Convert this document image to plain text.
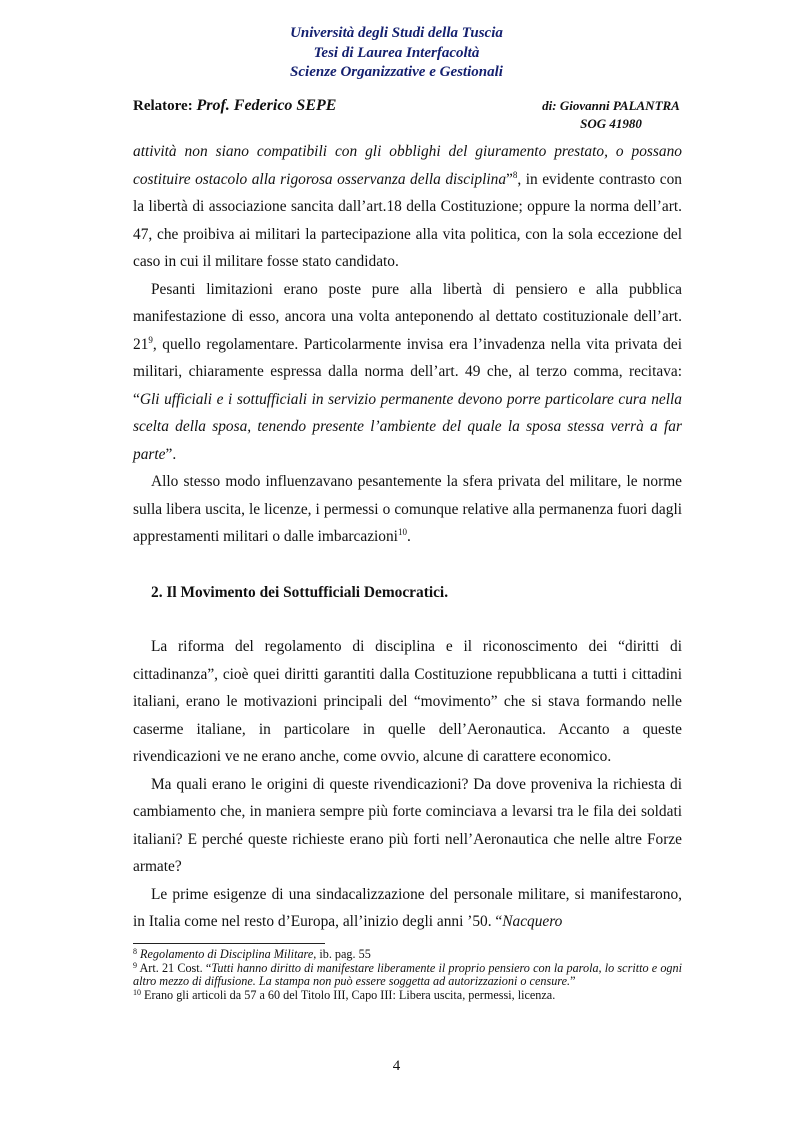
Università degli Studi della Tuscia
Tesi di Laurea Interfacoltà
Scienze Organizzative e Gestionali
Relatore: Prof. Federico SEPE	di: Giovanni PALANTRA
SOG 41980

attività non siano compatibili con gli obblighi del giuramento prestato, o possano costituire ostacolo alla rigorosa osservanza della disciplina”$^8$, in evidente contrasto con la libertà di associazione sancita dall’art.18 della Costituzione; oppure la norma dell’art. 47, che proibiva ai militari la partecipazione alla vita politica, con la sola eccezione del caso in cui il militare fosse stato candidato.

Pesanti limitazioni erano poste pure alla libertà di pensiero e alla pubblica manifestazione di esso, ancora una volta anteponendo al dettato costituzionale dell’art. $21^9$, quello regolamentare. Particolarmente invisa era l’invadenza nella vita privata dei militari, chiaramente espressa dalla norma dell’art. 49 che, al terzo comma, recitava: “Gli ufficiali e i sottufficiali in servizio permanente devono porre particolare cura nella scelta della sposa, tenendo presente l’ambiente del quale la sposa stessa verrà a far parte”.

Allo stesso modo influenzavano pesantemente la sfera privata del militare, le norme sulla libera uscita, le licenze, i permessi o comunque relative alla permanenza fuori dagli apprestamenti militari o dalle imbarcazioni$^{10}$.

2. Il Movimento dei Sottufficiali Democratici.

La riforma del regolamento di disciplina e il riconoscimento dei “diritti di cittadinanza”, cioè quei diritti garantiti dalla Costituzione repubblicana a tutti i cittadini italiani, erano le motivazioni principali del “movimento” che si stava formando nelle caserme italiane, in particolare in quelle dell’Aeronautica. Accanto a queste rivendicazioni ve ne erano anche, come ovvio, alcune di carattere economico.

Ma quali erano le origini di queste rivendicazioni? Da dove proveniva la richiesta di cambiamento che, in maniera sempre più forte cominciava a levarsi tra le fila dei soldati italiani? E perché queste richieste erano più forti nell’Aeronautica che nelle altre Forze armate?

Le prime esigenze di una sindacalizzazione del personale militare, si manifestarono, in Italia come nel resto d’Europa, all’inizio degli anni ’50. “Nacquero

$^8$ Regolamento di Disciplina Militare, ib. pag. 55

$^9$ Art. 21 Cost. “Tutti hanno diritto di manifestare liberamente il proprio pensiero con la parola, lo scritto e ogni altro mezzo di diffusione. La stampa non può essere soggetta ad autorizzazioni o censure.”

$^{10}$ Erano gli articoli da 57 a 60 del Titolo III, Capo III: Libera uscita, permessi, licenza.

4
